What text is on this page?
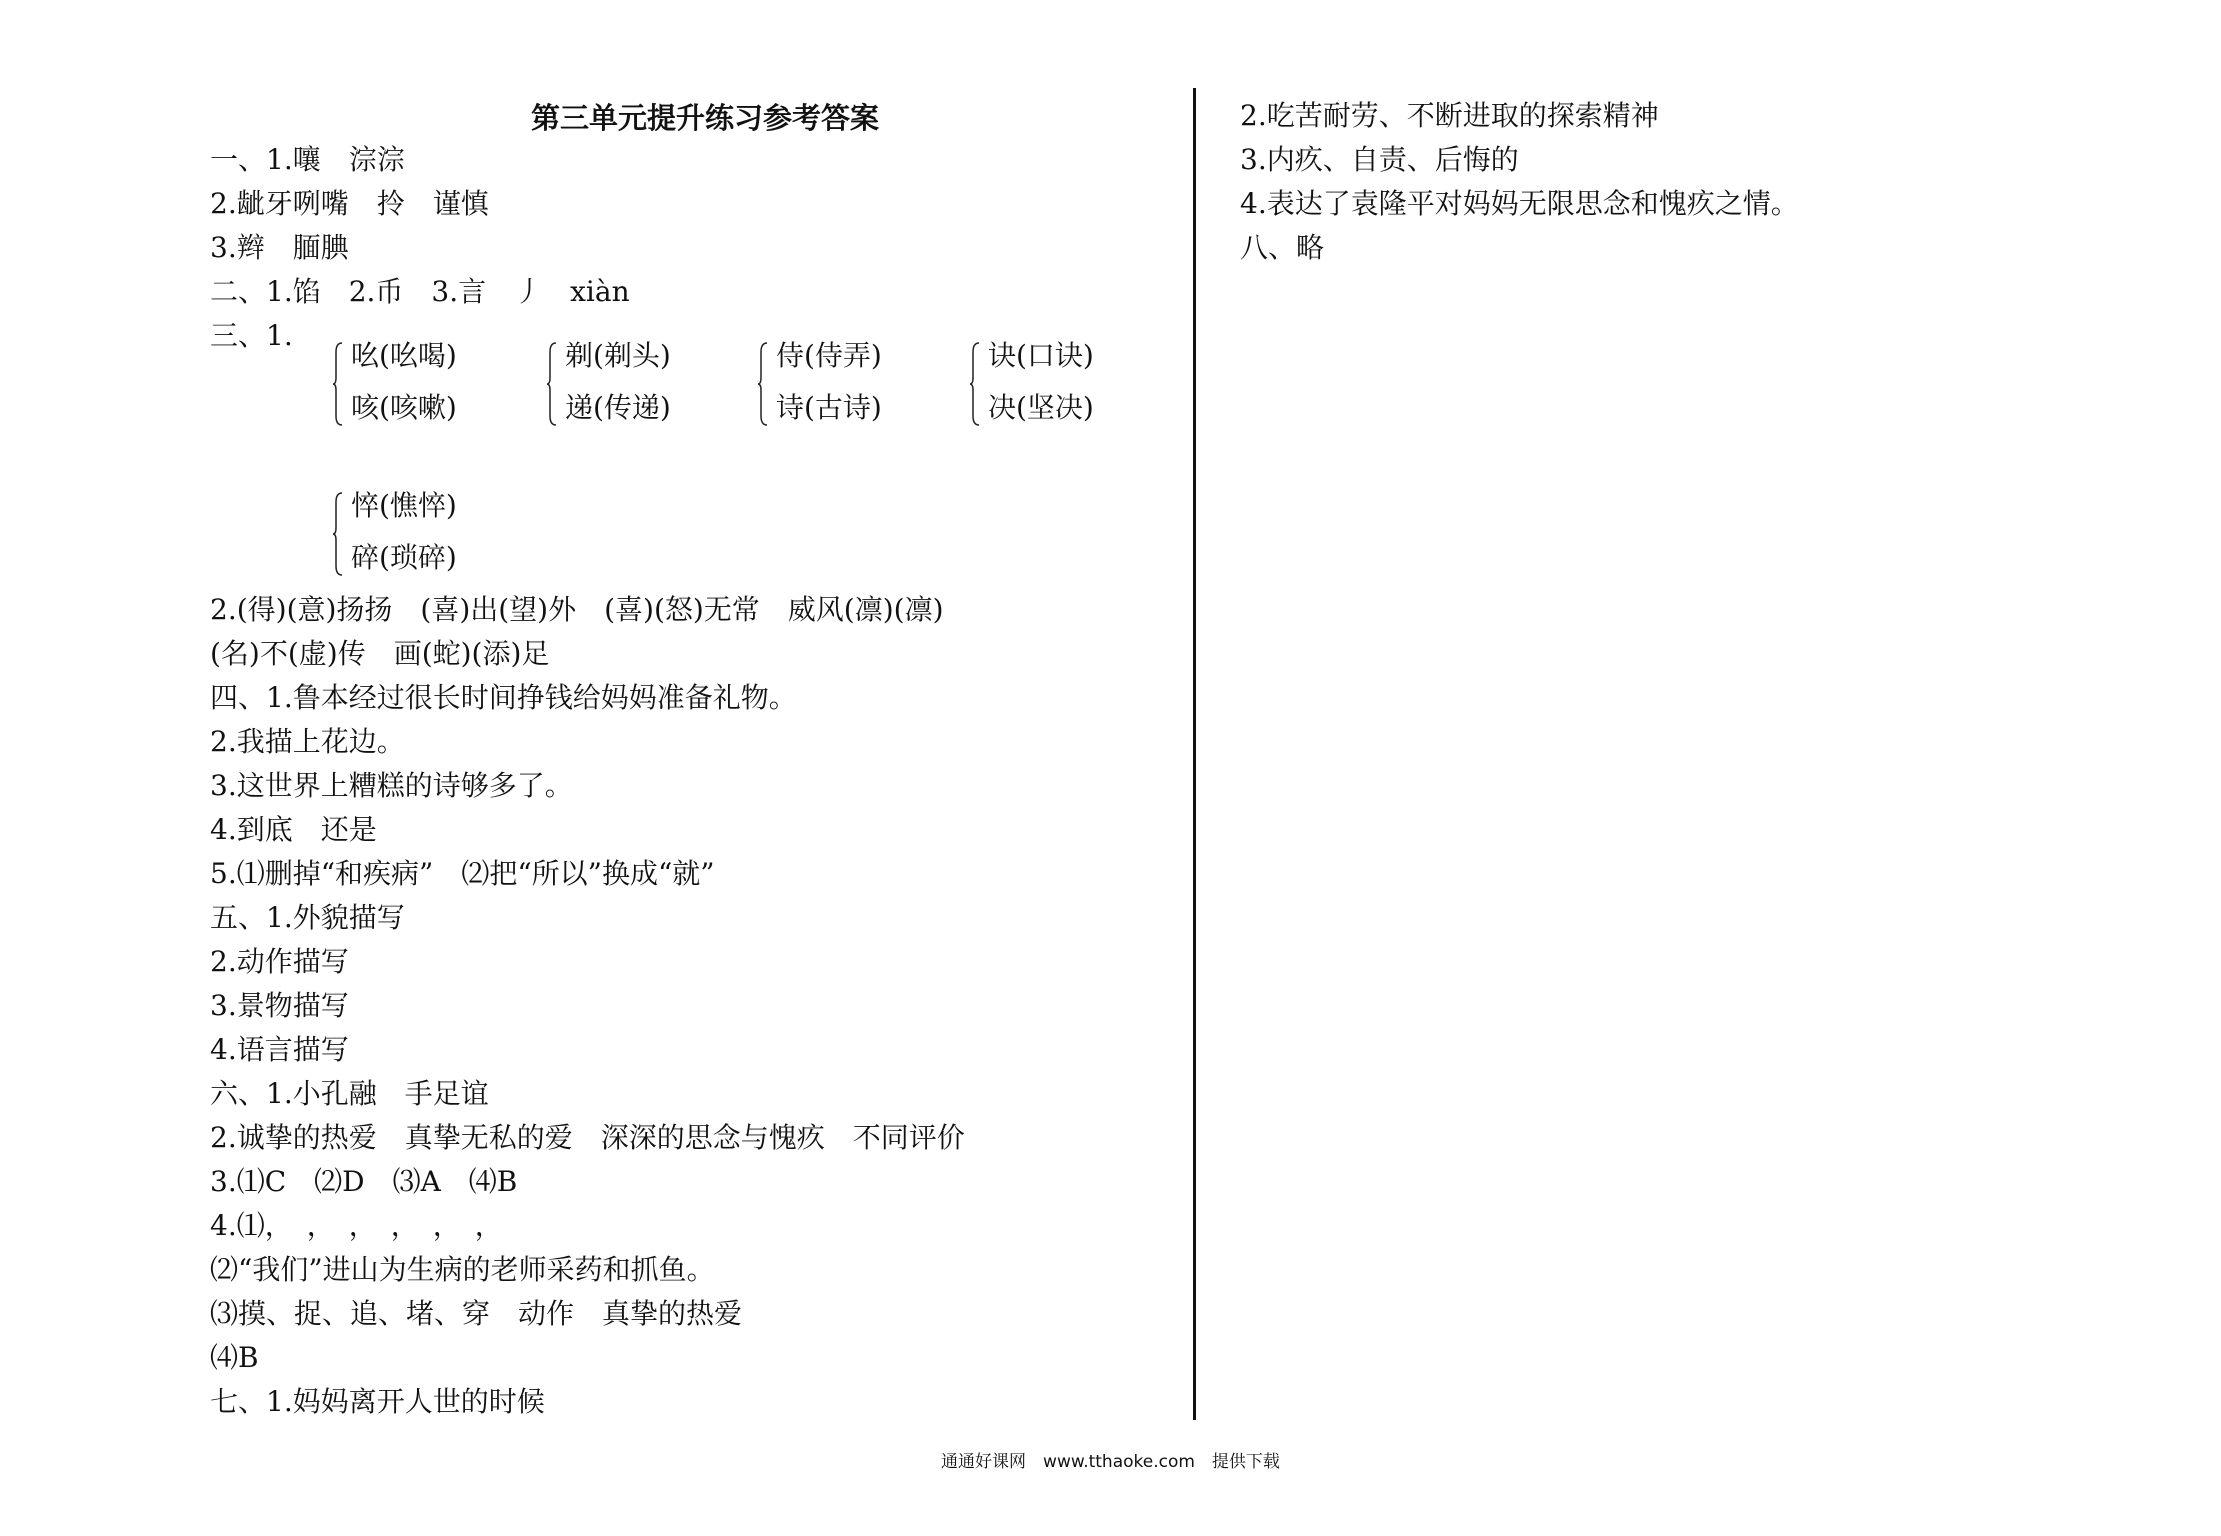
第三单元提升练习参考答案
一、1.嚷　淙淙
2.龇牙咧嘴　拎　谨慎
3.辫　腼腆
二、1.馅　2.币　3.言　丿　xiàn
三、1.
吆(吆喝)
咳(咳嗽)
剃(剃头)
递(传递)
侍(侍弄)
诗(古诗)
诀(口诀)
决(坚决)
悴(憔悴)
碎(琐碎)
2.(得)(意)扬扬　(喜)出(望)外　(喜)(怒)无常　威风(凛)(凛)
(名)不(虚)传　画(蛇)(添)足
四、1.鲁本经过很长时间挣钱给妈妈准备礼物。
2.我描上花边。
3.这世界上糟糕的诗够多了。
4.到底　还是
5.⑴删掉“和疾病”　⑵把“所以”换成“就”
五、1.外貌描写
2.动作描写
3.景物描写
4.语言描写
六、1.小孔融　手足谊
2.诚挚的热爱　真挚无私的爱　深深的思念与愧疚　不同评价
3.⑴C　⑵D　⑶A　⑷B
4.⑴，　，　，　，　，　，
⑵“我们”进山为生病的老师采药和抓鱼。
⑶摸、捉、追、堵、穿　动作　真挚的热爱
⑷B
七、1.妈妈离开人世的时候
2.吃苦耐劳、不断进取的探索精神
3.内疚、自责、后悔的
4.表达了袁隆平对妈妈无限思念和愧疚之情。
八、略
通通好课网　www.tthaoke.com　提供下载
